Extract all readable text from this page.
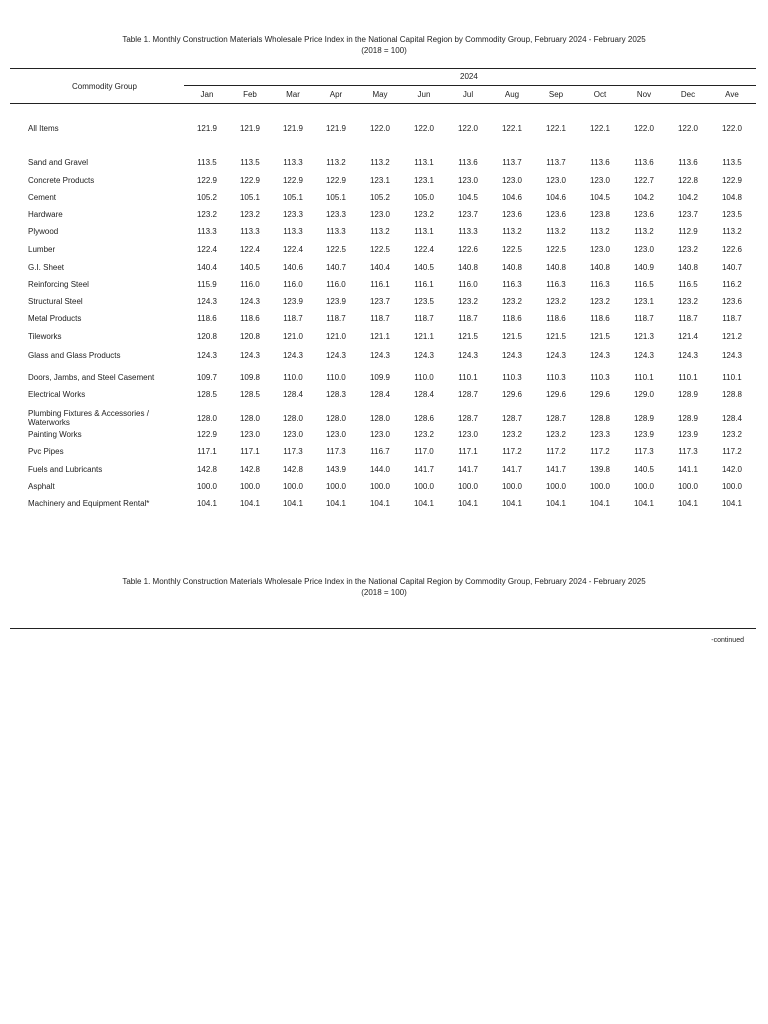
Table 1. Monthly Construction Materials Wholesale Price Index in the National Capital Region by Commodity Group, February 2024 - February 2025
(2018 = 100)
Commodity Group
2024
Jan	Feb	Mar	Apr	May	Jun	Jul	Aug	Sep	Oct	Nov	Dec	Ave
All Items	121.9	121.9	121.9	121.9	122.0	122.0	122.0	122.1	122.1	122.1	122.0	122.0	122.0
Sand and Gravel	113.5	113.5	113.3	113.2	113.2	113.1	113.6	113.7	113.7	113.6	113.6	113.6	113.5
Concrete Products	122.9	122.9	122.9	122.9	123.1	123.1	123.0	123.0	123.0	123.0	122.7	122.8	122.9
Cement	105.2	105.1	105.1	105.1	105.2	105.0	104.5	104.6	104.6	104.5	104.2	104.2	104.8
Hardware	123.2	123.2	123.3	123.3	123.0	123.2	123.7	123.6	123.6	123.8	123.6	123.7	123.5
Plywood	113.3	113.3	113.3	113.3	113.2	113.1	113.3	113.2	113.2	113.2	113.2	112.9	113.2
Lumber	122.4	122.4	122.4	122.5	122.5	122.4	122.6	122.5	122.5	123.0	123.0	123.2	122.6
G.I. Sheet	140.4	140.5	140.6	140.7	140.4	140.5	140.8	140.8	140.8	140.8	140.9	140.8	140.7
Reinforcing Steel	115.9	116.0	116.0	116.0	116.1	116.1	116.0	116.3	116.3	116.3	116.5	116.5	116.2
Structural Steel	124.3	124.3	123.9	123.9	123.7	123.5	123.2	123.2	123.2	123.2	123.1	123.2	123.6
Metal Products	118.6	118.6	118.7	118.7	118.7	118.7	118.7	118.6	118.6	118.6	118.7	118.7	118.7
Tileworks	120.8	120.8	121.0	121.0	121.1	121.1	121.5	121.5	121.5	121.5	121.3	121.4	121.2
Glass and Glass Products	124.3	124.3	124.3	124.3	124.3	124.3	124.3	124.3	124.3	124.3	124.3	124.3	124.3
Doors, Jambs, and Steel Casement	109.7	109.8	110.0	110.0	109.9	110.0	110.1	110.3	110.3	110.3	110.1	110.1	110.1
Electrical Works	128.5	128.5	128.4	128.3	128.4	128.4	128.7	129.6	129.6	129.6	129.0	128.9	128.8
Plumbing Fixtures & Accessories / Waterworks	128.0	128.0	128.0	128.0	128.0	128.6	128.7	128.7	128.7	128.8	128.9	128.9	128.4
Painting Works	122.9	123.0	123.0	123.0	123.0	123.2	123.0	123.2	123.2	123.3	123.9	123.9	123.2
Pvc Pipes	117.1	117.1	117.3	117.3	116.7	117.0	117.1	117.2	117.2	117.2	117.3	117.3	117.2
Fuels and Lubricants	142.8	142.8	142.8	143.9	144.0	141.7	141.7	141.7	141.7	139.8	140.5	141.1	142.0
Asphalt	100.0	100.0	100.0	100.0	100.0	100.0	100.0	100.0	100.0	100.0	100.0	100.0	100.0
Machinery and Equipment Rental*	104.1	104.1	104.1	104.1	104.1	104.1	104.1	104.1	104.1	104.1	104.1	104.1	104.1
Table 1. Monthly Construction Materials Wholesale Price Index in the National Capital Region by Commodity Group, February 2024 - February 2025
(2018 = 100)
-continued
